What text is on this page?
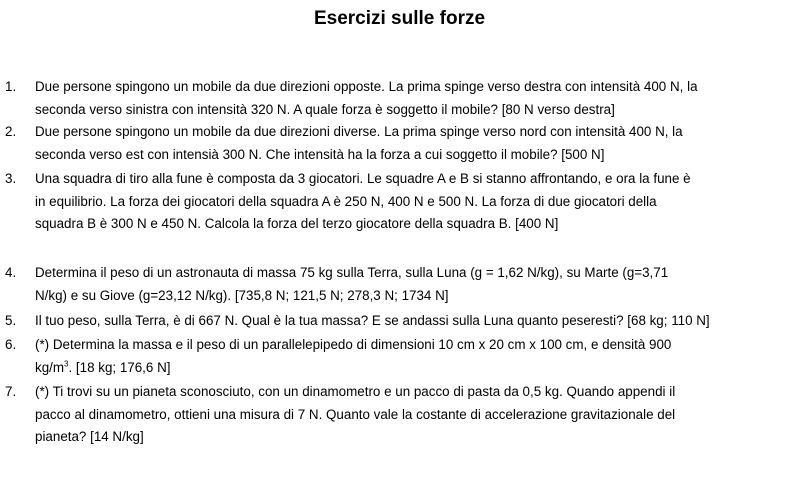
Esercizi sulle forze
1. Due persone spingono un mobile da due direzioni opposte. La prima spinge verso destra con intensità 400 N, la
seconda verso sinistra con intensità 320 N. A quale forza è soggetto il mobile? [80 N verso destra]
2. Due persone spingono un mobile da due direzioni diverse. La prima spinge verso nord con intensità 400 N, la
seconda verso est con intensià 300 N. Che intensità ha la forza a cui soggetto il mobile? [500 N]
3. Una squadra di tiro alla fune è composta da 3 giocatori. Le squadre A e B si stanno affrontando, e ora la fune è
in equilibrio. La forza dei giocatori della squadra A è 250 N, 400 N e 500 N. La forza di due giocatori della
squadra B è 300 N e 450 N. Calcola la forza del terzo giocatore della squadra B. [400 N]
4. Determina il peso di un astronauta di massa 75 kg sulla Terra, sulla Luna (g = 1,62 N/kg), su Marte (g=3,71
N/kg) e su Giove (g=23,12 N/kg). [735,8 N; 121,5 N; 278,3 N; 1734 N]
5. Il tuo peso, sulla Terra, è di 667 N. Qual è la tua massa? E se andassi sulla Luna quanto peseresti? [68 kg; 110 N]
6. (*) Determina la massa e il peso di un parallelepipedo di dimensioni 10 cm x 20 cm x 100 cm, e densità 900
$kg/m^3$. [18 kg; 176,6 N]
7. (*) Ti trovi su un pianeta sconosciuto, con un dinamometro e un pacco di pasta da 0,5 kg. Quando appendi il
pacco al dinamometro, ottieni una misura di 7 N. Quanto vale la costante di accelerazione gravitazionale del
pianeta? [14 N/kg]
